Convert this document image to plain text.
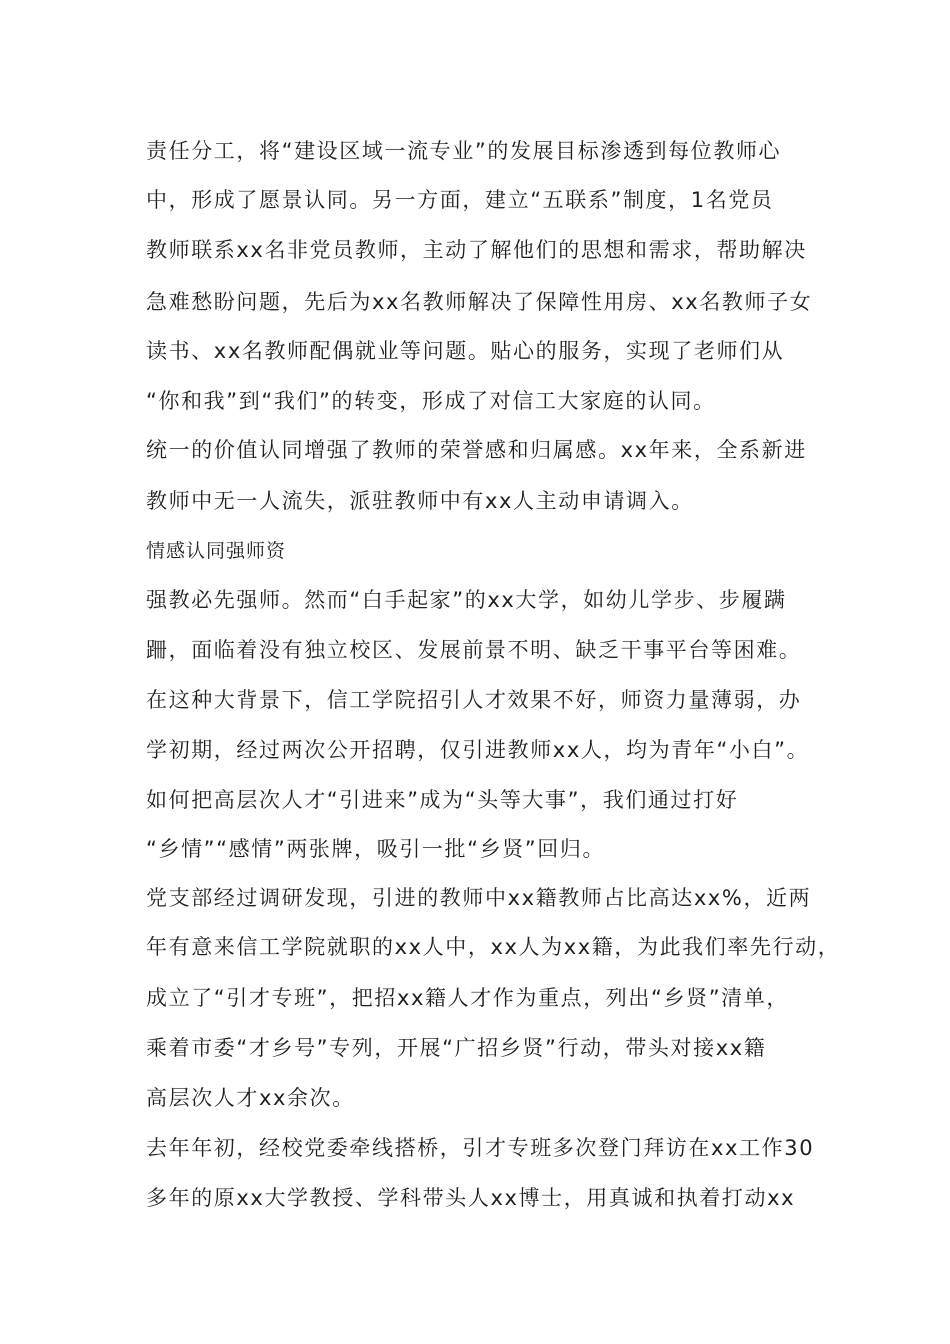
责任分工，将“建设区域一流专业”的发展目标渗透到每位教师心
中，形成了愿景认同。另一方面，建立“五联系”制度，1名党员
教师联系xx名非党员教师，主动了解他们的思想和需求，帮助解决
急难愁盼问题，先后为xx名教师解决了保障性用房、xx名教师子女
读书、xx名教师配偶就业等问题。贴心的服务，实现了老师们从
“你和我”到“我们”的转变，形成了对信工大家庭的认同。
统一的价值认同增强了教师的荣誉感和归属感。xx年来，全系新进
教师中无一人流失，派驻教师中有xx人主动申请调入。
情感认同强师资
强教必先强师。然而“白手起家”的xx大学，如幼儿学步、步履蹒
跚，面临着没有独立校区、发展前景不明、缺乏干事平台等困难。
在这种大背景下，信工学院招引人才效果不好，师资力量薄弱，办
学初期，经过两次公开招聘，仅引进教师xx人，均为青年“小白”。
如何把高层次人才“引进来”成为“头等大事”，我们通过打好
“乡情”“感情”两张牌，吸引一批“乡贤”回归。
党支部经过调研发现，引进的教师中xx籍教师占比高达xx%，近两
年有意来信工学院就职的xx人中，xx人为xx籍，为此我们率先行动，
成立了“引才专班”，把招xx籍人才作为重点，列出“乡贤”清单，
乘着市委“才乡号”专列，开展“广招乡贤”行动，带头对接xx籍
高层次人才xx余次。
去年年初，经校党委牵线搭桥，引才专班多次登门拜访在xx工作30
多年的原xx大学教授、学科带头人xx博士，用真诚和执着打动xx
